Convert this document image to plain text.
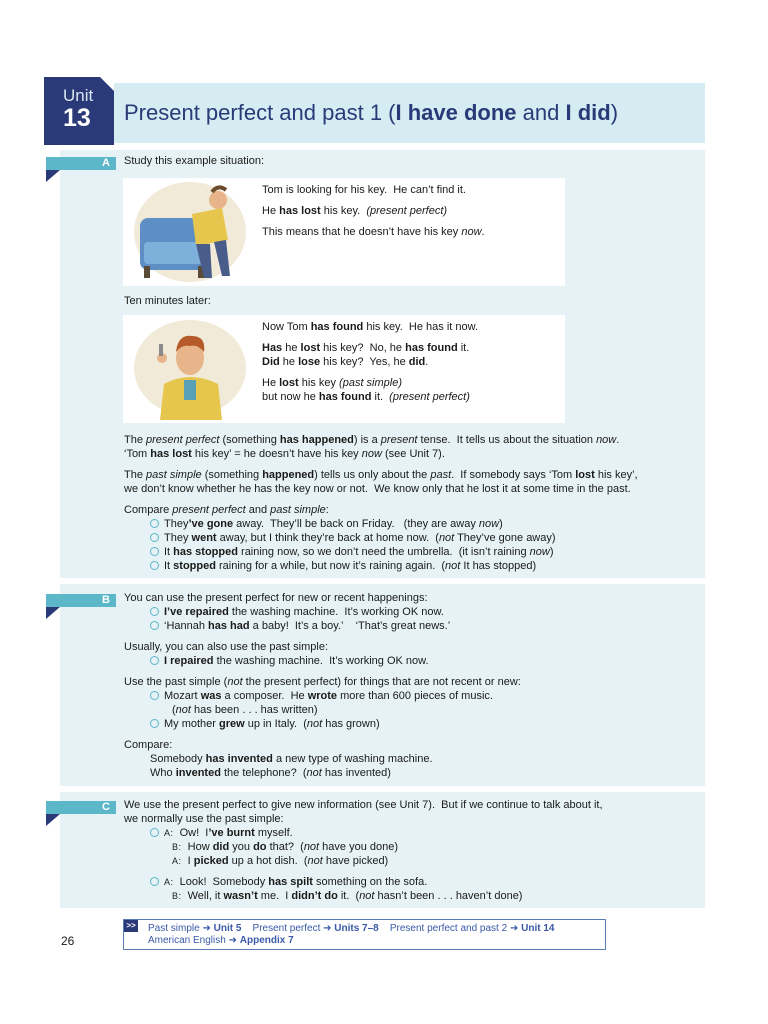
Unit
13 Present perfect and past 1 (I have done and I did)
A	Study this example situation:
Tom is looking for his key.  He can’t find it.
He has lost his key.  (present perfect)
This means that he doesn’t have his key now.
Ten minutes later:
Now Tom has found his key.  He has it now.
Has he lost his key?  No, he has found it.
Did he lose his key?  Yes, he did.
He lost his key (past simple)
but now he has found it.  (present perfect)
The present perfect (something has happened) is a present tense.  It tells us about the situation now.
‘Tom has lost his key’ = he doesn’t have his key now (see Unit 7).
The past simple (something happened) tells us only about the past.  If somebody says ‘Tom lost his key’,
we don’t know whether he has the key now or not.  We know only that he lost it at some time in the past.
Compare present perfect and past simple:
They’ve gone away.  They’ll be back on Friday.   (they are away now)
They went away, but I think they’re back at home now.  (not They’ve gone away)
It has stopped raining now, so we don’t need the umbrella.  (it isn’t raining now)
It stopped raining for a while, but now it’s raining again.  (not It has stopped)
B	You can use the present perfect for new or recent happenings:
I’ve repaired the washing machine.  It’s working OK now.
‘Hannah has had a baby!  It’s a boy.’    ‘That’s great news.’
Usually, you can also use the past simple:
I repaired the washing machine.  It’s working OK now.
Use the past simple (not the present perfect) for things that are not recent or new:
Mozart was a composer.  He wrote more than 600 pieces of music.
(not has been . . . has written)
My mother grew up in Italy.  (not has grown)
Compare:
Somebody has invented a new type of washing machine.
Who invented the telephone?  (not has invented)
C	We use the present perfect to give new information (see Unit 7).  But if we continue to talk about it,
we normally use the past simple:
A:  Ow!  I’ve burnt myself.
B:  How did you do that?  (not have you done)
A:  I picked up a hot dish.  (not have picked)
A:  Look!  Somebody has spilt something on the sofa.
B:  Well, it wasn’t me.  I didn’t do it.  (not hasn’t been . . . haven’t done)
26
>> Past simple ➜ Unit 5 Present perfect ➜ Units 7–8 Present perfect and past 2 ➜ Unit 14
American English ➜ Appendix 7
